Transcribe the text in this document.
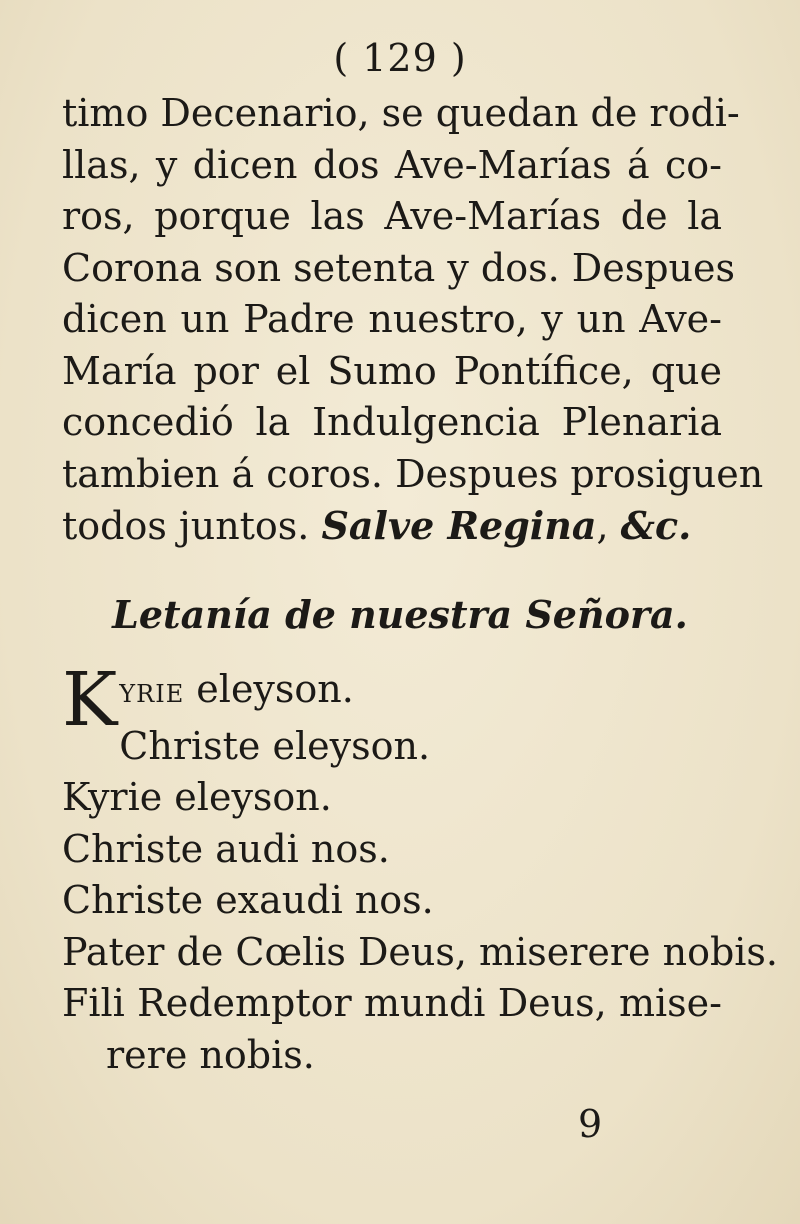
( 129 )
timo Decenario, se quedan de rodi-
llas, y dicen dos Ave-Marías á co-
ros, porque las Ave-Marías de la
Corona son setenta y dos. Despues
dicen un Padre nuestro, y un Ave-
María por el Sumo Pontífice, que
concedió la Indulgencia Plenaria
tambien á coros. Despues prosiguen
todos juntos. Salve Regina, &c.
Letanía de nuestra Señora.
KYRIE eleyson.
Christe eleyson.
Kyrie eleyson.
Christe audi nos.
Christe exaudi nos.
Pater de Cœlis Deus, miserere nobis.
Fili Redemptor mundi Deus, mise-
rere nobis.
9
